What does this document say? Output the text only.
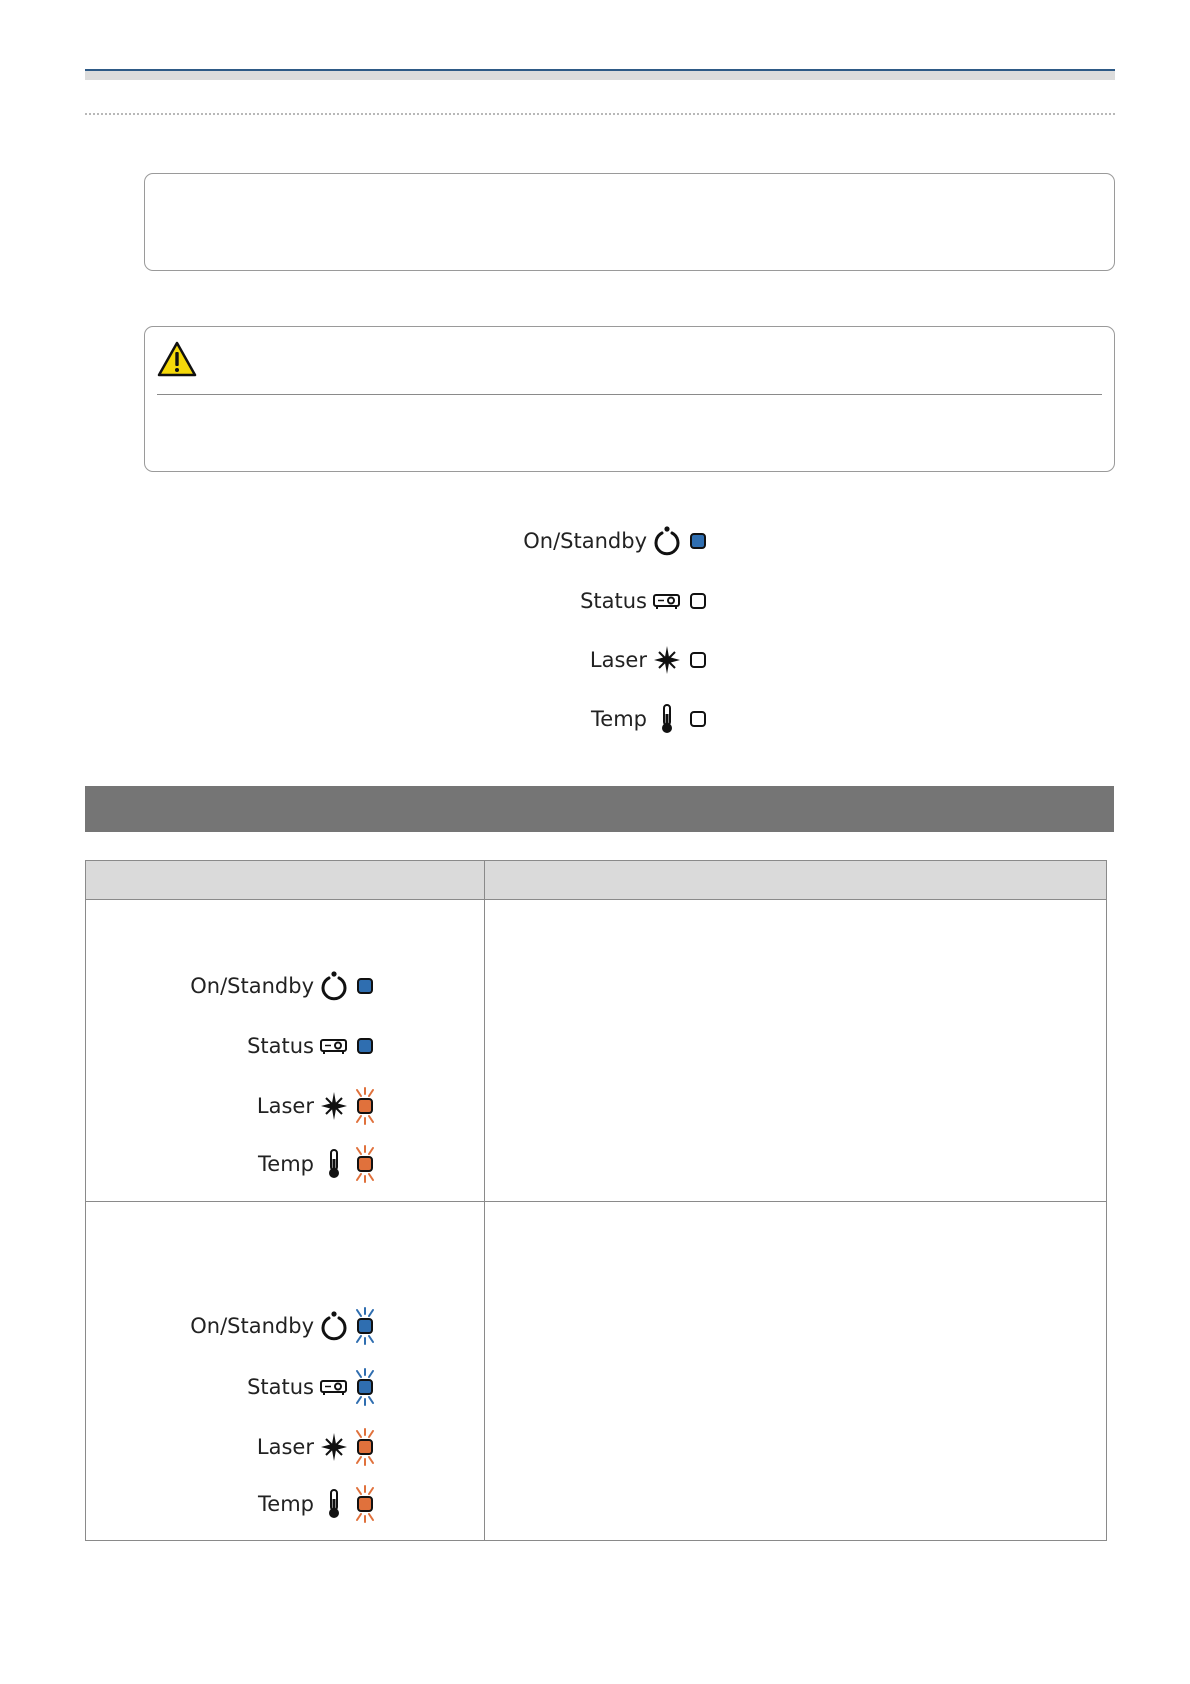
On/Standby
Status
Laser
Temp
On/Standby
Status
Laser
Temp
On/Standby
Status
Laser
Temp
